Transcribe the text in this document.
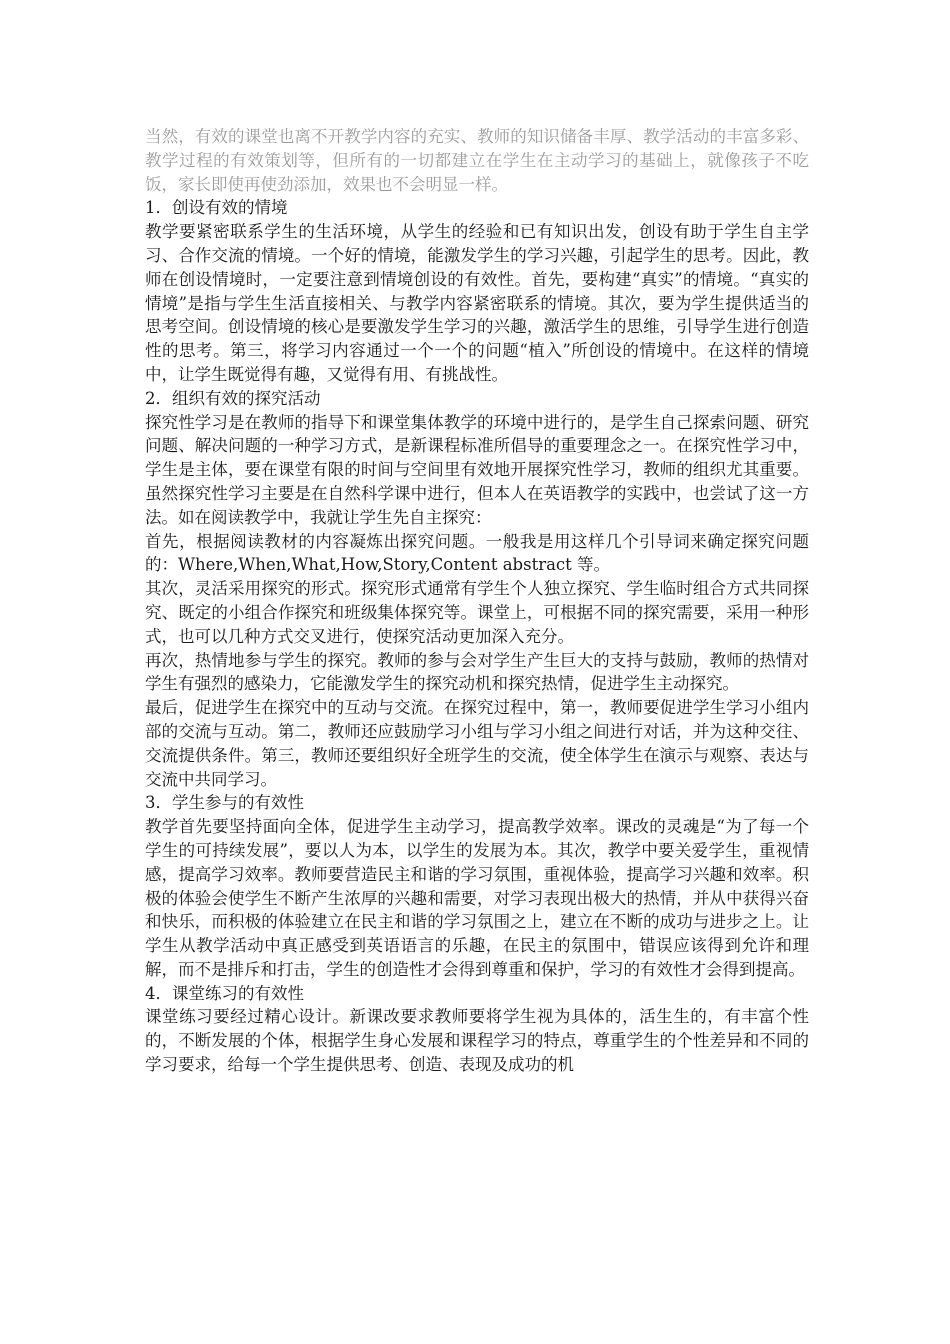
当然，有效的课堂也离不开教学内容的充实、教师的知识储备丰厚、教学活动的丰富多彩、教学过程的有效策划等，但所有的一切都建立在学生在主动学习的基础上，就像孩子不吃饭，家长即使再使劲添加，效果也不会明显一样。

1．创设有效的情境

教学要紧密联系学生的生活环境，从学生的经验和已有知识出发，创设有助于学生自主学习、合作交流的情境。一个好的情境，能激发学生的学习兴趣，引起学生的思考。因此，教师在创设情境时，一定要注意到情境创设的有效性。首先，要构建“真实”的情境。“真实的情境”是指与学生生活直接相关、与教学内容紧密联系的情境。其次，要为学生提供适当的思考空间。创设情境的核心是要激发学生学习的兴趣，激活学生的思维，引导学生进行创造性的思考。第三，将学习内容通过一个一个的问题“植入”所创设的情境中。在这样的情境中，让学生既觉得有趣，又觉得有用、有挑战性。

2．组织有效的探究活动

探究性学习是在教师的指导下和课堂集体教学的环境中进行的，是学生自己探索问题、研究问题、解决问题的一种学习方式，是新课程标准所倡导的重要理念之一。在探究性学习中，学生是主体，要在课堂有限的时间与空间里有效地开展探究性学习，教师的组织尤其重要。虽然探究性学习主要是在自然科学课中进行，但本人在英语教学的实践中，也尝试了这一方法。如在阅读教学中，我就让学生先自主探究：

首先，根据阅读教材的内容凝炼出探究问题。一般我是用这样几个引导词来确定探究问题的：Where,When,What,How,Story,Content abstract 等。

其次，灵活采用探究的形式。探究形式通常有学生个人独立探究、学生临时组合方式共同探究、既定的小组合作探究和班级集体探究等。课堂上，可根据不同的探究需要，采用一种形式，也可以几种方式交叉进行，使探究活动更加深入充分。

再次，热情地参与学生的探究。教师的参与会对学生产生巨大的支持与鼓励，教师的热情对学生有强烈的感染力，它能激发学生的探究动机和探究热情，促进学生主动探究。

最后，促进学生在探究中的互动与交流。在探究过程中，第一，教师要促进学生学习小组内部的交流与互动。第二，教师还应鼓励学习小组与学习小组之间进行对话，并为这种交往、交流提供条件。第三，教师还要组织好全班学生的交流，使全体学生在演示与观察、表达与交流中共同学习。

3．学生参与的有效性

教学首先要坚持面向全体，促进学生主动学习，提高教学效率。课改的灵魂是“为了每一个学生的可持续发展”，要以人为本，以学生的发展为本。其次，教学中要关爱学生，重视情感，提高学习效率。教师要营造民主和谐的学习氛围，重视体验，提高学习兴趣和效率。积极的体验会使学生不断产生浓厚的兴趣和需要，对学习表现出极大的热情，并从中获得兴奋和快乐，而积极的体验建立在民主和谐的学习氛围之上，建立在不断的成功与进步之上。让学生从教学活动中真正感受到英语语言的乐趣，在民主的氛围中，错误应该得到允许和理解，而不是排斥和打击，学生的创造性才会得到尊重和保护，学习的有效性才会得到提高。

4．课堂练习的有效性

课堂练习要经过精心设计。新课改要求教师要将学生视为具体的，活生生的，有丰富个性的，不断发展的个体，根据学生身心发展和课程学习的特点，尊重学生的个性差异和不同的学习要求，给每一个学生提供思考、创造、表现及成功的机
